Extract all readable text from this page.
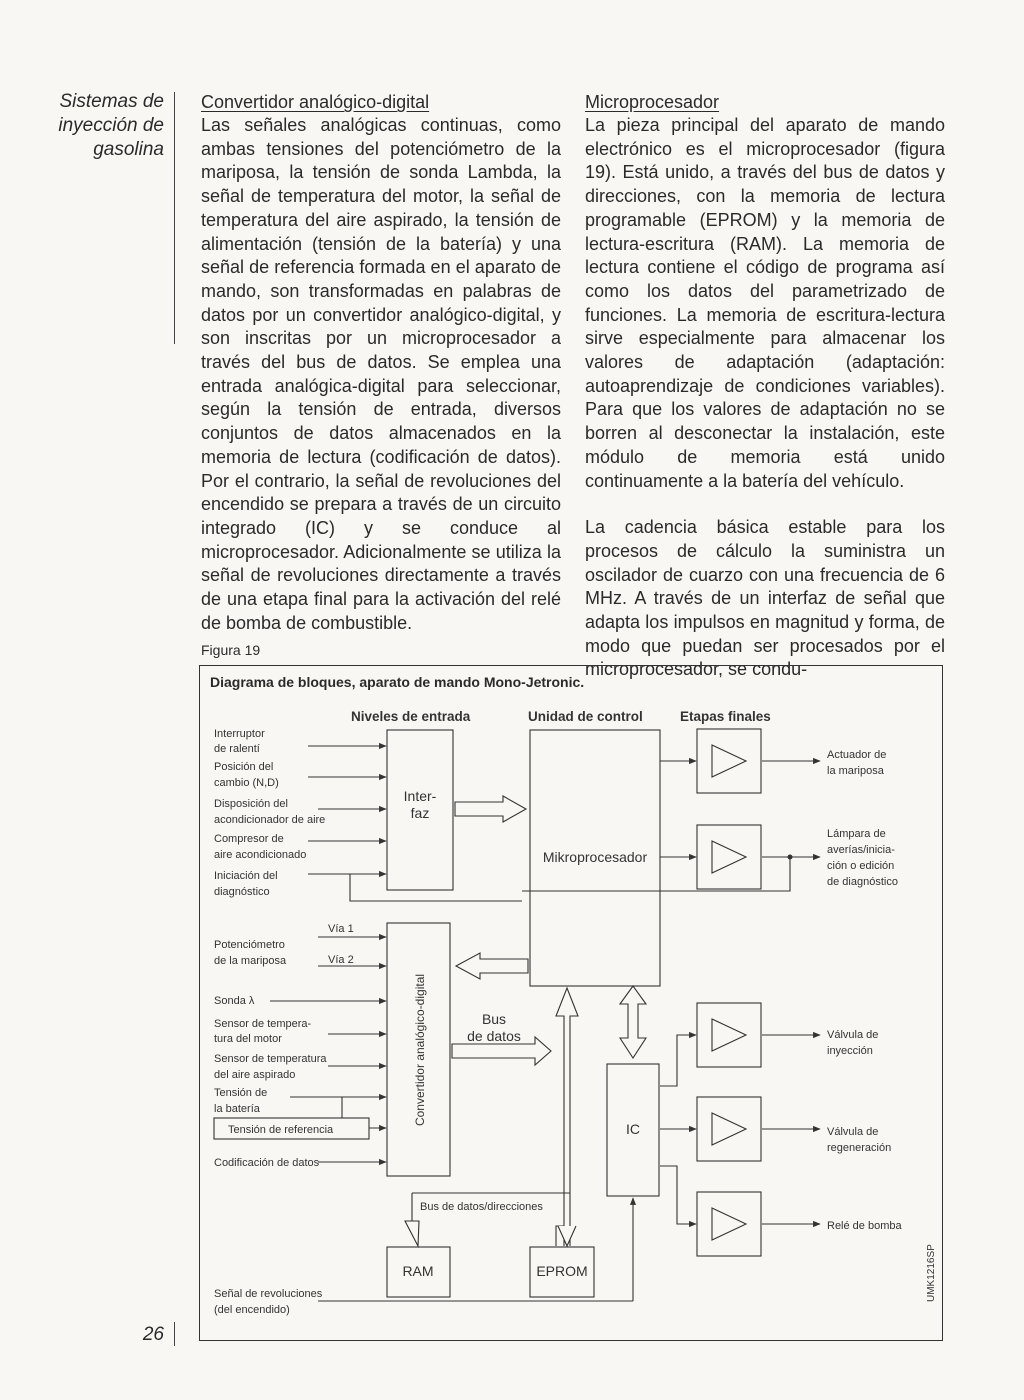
Sistemas de
inyección de
gasolina
26
Convertidor analógico-digital

Las señales analógicas continuas, como ambas tensiones del potenciómetro de la mariposa, la tensión de sonda Lambda, la señal de temperatura del motor, la señal de temperatura del aire aspirado, la tensión de alimentación (tensión de la batería) y una señal de referencia formada en el aparato de mando, son transformadas en palabras de datos por un convertidor analógico-digital, y son inscritas por un microprocesador a través del bus de datos. Se emplea una entrada analógica-digital para seleccionar, según la tensión de entrada, diversos conjuntos de datos almacenados en la memoria de lectura (codificación de datos). Por el contrario, la señal de revoluciones del encendido se prepara a través de un circuito integrado (IC) y se conduce al microprocesador. Adicionalmente se utiliza la señal de revoluciones directamente a través de una etapa final para la activación del relé de bomba de combustible.

Microprocesador

La pieza principal del aparato de mando electrónico es el microprocesador (figura 19). Está unido, a través del bus de datos y direcciones, con la memoria de lectura programable (EPROM) y la memoria de lectura-escritura (RAM). La memoria de lectura contiene el código de programa así como los datos del parametrizado de funciones. La memoria de escritura-lectura sirve especialmente para almacenar los valores de adaptación (adaptación: autoaprendizaje de condiciones variables). Para que los valores de adaptación no se borren al desconectar la instalación, este módulo de memoria está unido continuamente a la batería del vehículo.

La cadencia básica estable para los procesos de cálculo la suministra un oscilador de cuarzo con una frecuencia de 6 MHz. A través de un interfaz de señal que adapta los impulsos en magnitud y forma, de modo que puedan ser procesados por el microprocesador, se condu-

Figura 19
Niveles de entrada	Unidad de control	Etapas finales
Interruptor
de ralentí
Posición del
cambio (N,D)
Disposición del
acondicionador de aire
Compresor de
aire acondicionado
Iniciación del
diagnóstico
Potenciómetro
de la mariposa
Vía 1
Vía 2
Sonda λ
Sensor de tempera-
tura del motor
Sensor de temperatura
del aire aspirado
Tensión de
la batería
Tensión de referencia
Codificación de datos
Señal de revoluciones
(del encendido)
Inter-
faz
Mikroprocesador
Convertidor analógico-digital
IC
RAM	EPROM
Bus
de datos
Bus de datos/direcciones
Actuador de
la mariposa
Lámpara de
averías/inicia-
ción o edición
de diagnóstico
Válvula de
inyección
Válvula de
regeneración
Relé de bomba
UMK1216SP
Diagrama de bloques, aparato de mando Mono-Jetronic.
